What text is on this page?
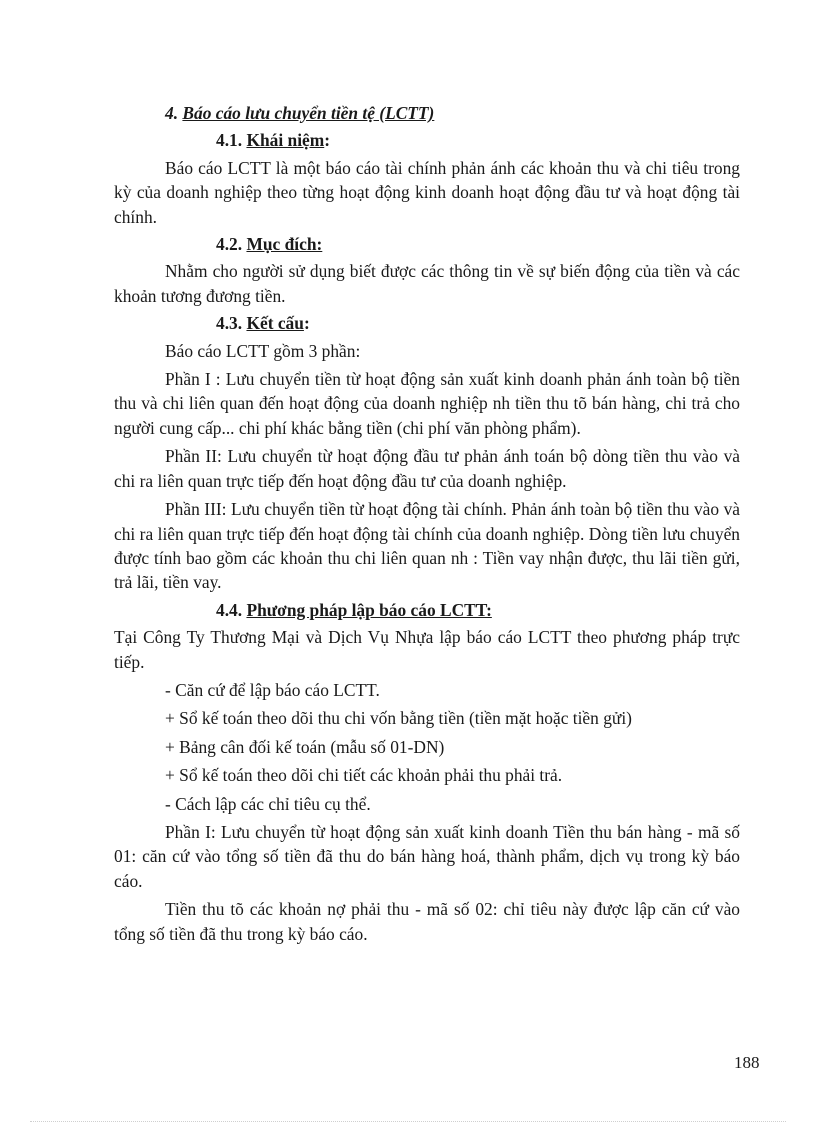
4. Báo cáo lưu chuyển tiền tệ (LCTT)

4.1. Khái niệm:

Báo cáo LCTT là một báo cáo tài chính phản ánh các khoản thu và chi tiêu trong kỳ của doanh nghiệp theo từng hoạt động kinh doanh hoạt động đầu tư và hoạt động tài chính.

4.2. Mục đích:

Nhằm cho người sử dụng biết được các thông tin về sự biến động của tiền và các khoản tương đương tiền.

4.3. Kết cấu:

Báo cáo LCTT gồm 3 phần:

Phần I : Lưu chuyển tiền từ hoạt động sản xuất kinh doanh phản ánh toàn bộ tiền thu và chi liên quan đến hoạt động của doanh nghiệp nh tiền thu tõ bán hàng, chi trả cho người cung cấp... chi phí khác bằng tiền (chi phí văn phòng phẩm).

Phần II: Lưu chuyển từ hoạt động đầu tư phản ánh toán bộ dòng tiền thu vào và chi ra liên quan trực tiếp đến hoạt động đầu tư của doanh nghiệp.

Phần III: Lưu chuyển tiền từ hoạt động tài chính. Phản ánh toàn bộ tiền thu vào và chi ra liên quan trực tiếp đến hoạt động tài chính của doanh nghiệp. Dòng tiền lưu chuyển được tính bao gồm các khoản thu chi liên quan nh : Tiền vay nhận được, thu lãi tiền gửi, trả lãi, tiền vay.

4.4. Phương pháp lập báo cáo LCTT:

Tại Công Ty Thương Mại và Dịch Vụ Nhựa lập báo cáo LCTT theo phương pháp trực tiếp.

- Căn cứ để lập báo cáo LCTT.

+ Sổ kế toán theo dõi thu chi vốn bằng tiền (tiền mặt hoặc tiền gửi)

+ Bảng cân đối kế toán (mẫu số 01-DN)

+ Sổ kế toán theo dõi chi tiết các khoản phải thu phải trả.

- Cách lập các chỉ tiêu cụ thể.

Phần I: Lưu chuyển từ hoạt động sản xuất kinh doanh Tiền thu bán hàng - mã số 01: căn cứ vào tổng số tiền đã thu do bán hàng hoá, thành phẩm, dịch vụ trong kỳ báo cáo.

Tiền thu tõ các khoản nợ phải thu - mã số 02: chỉ tiêu này được lập căn cứ vào tổng số tiền đã thu trong kỳ báo cáo.

188
